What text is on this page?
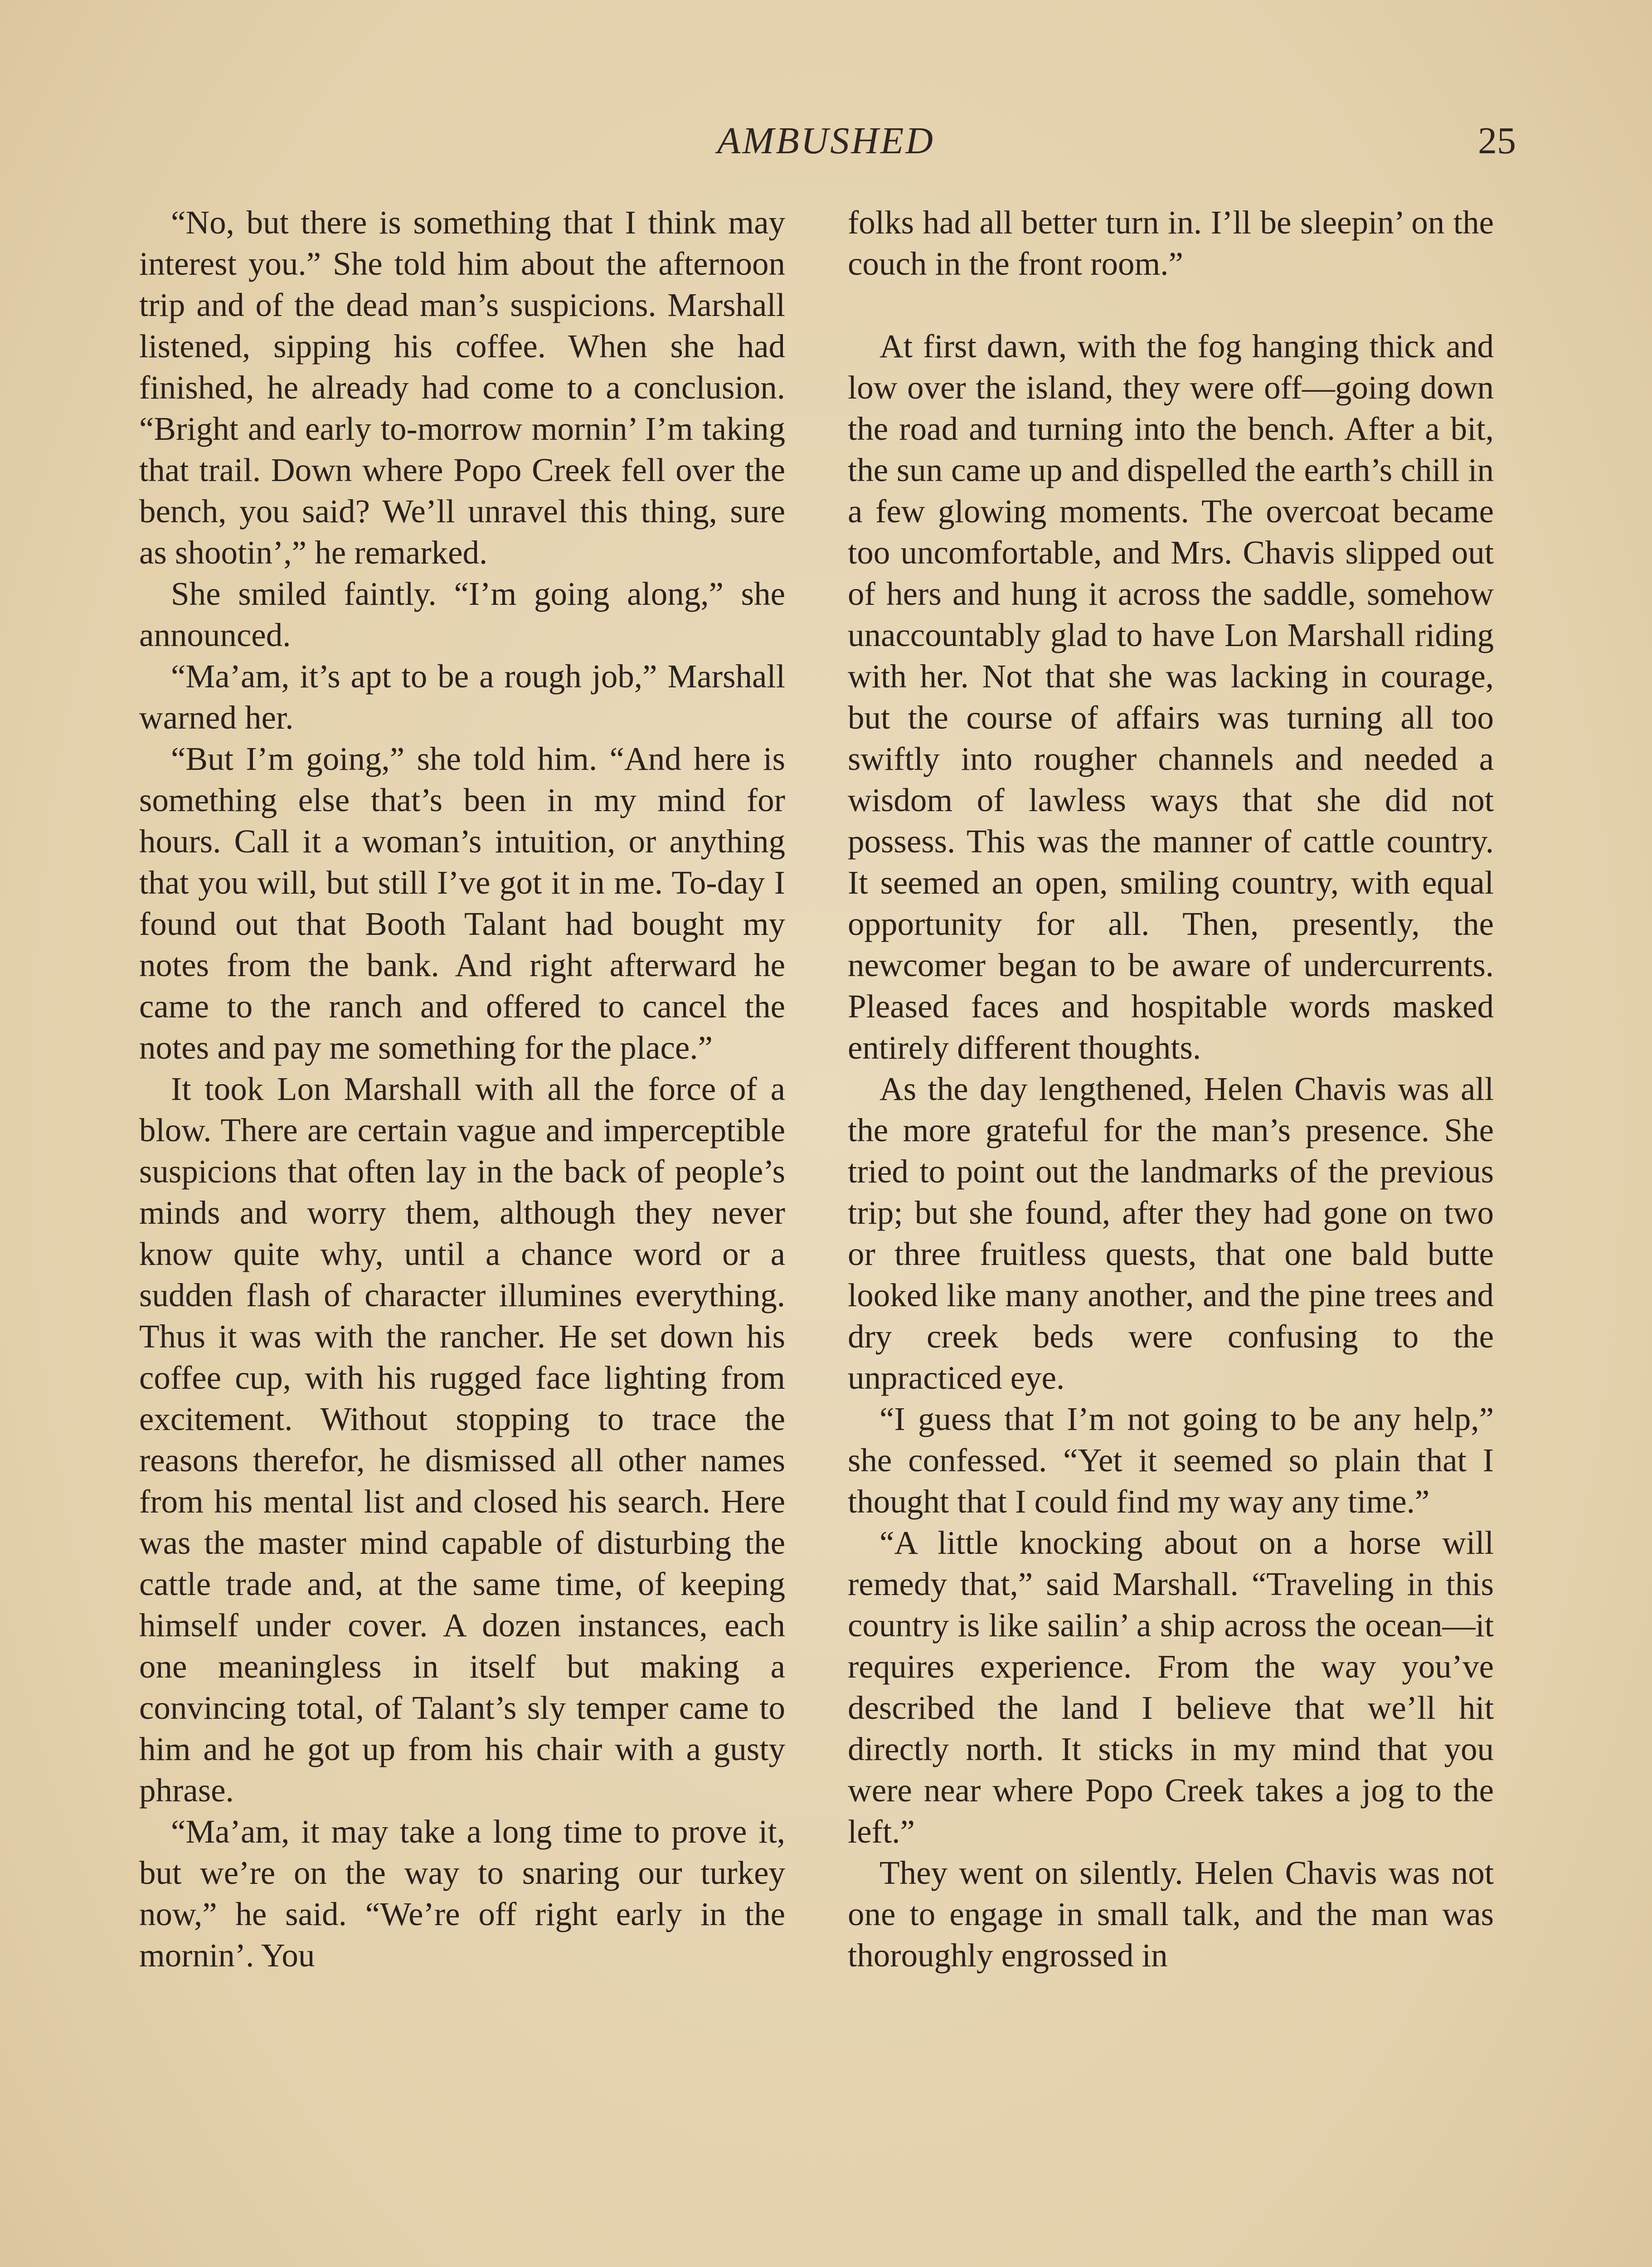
AMBUSHED	25

“No, but there is something that I think may interest you.” She told him about the afternoon trip and of the dead man’s suspicions. Marshall listened, sipping his coffee. When she had finished, he already had come to a conclusion. “Bright and early to-morrow mornin’ I’m taking that trail. Down where Popo Creek fell over the bench, you said? We’ll unravel this thing, sure as shootin’,” he remarked.

She smiled faintly. “I’m going along,” she announced.

“Ma’am, it’s apt to be a rough job,” Marshall warned her.

“But I’m going,” she told him. “And here is something else that’s been in my mind for hours. Call it a woman’s intuition, or anything that you will, but still I’ve got it in me. To-day I found out that Booth Talant had bought my notes from the bank. And right afterward he came to the ranch and offered to cancel the notes and pay me something for the place.”

It took Lon Marshall with all the force of a blow. There are certain vague and imperceptible suspicions that often lay in the back of people’s minds and worry them, although they never know quite why, until a chance word or a sudden flash of character illumines everything. Thus it was with the rancher. He set down his coffee cup, with his rugged face lighting from excitement. Without stopping to trace the reasons therefor, he dismissed all other names from his mental list and closed his search. Here was the master mind capable of disturbing the cattle trade and, at the same time, of keeping himself under cover. A dozen instances, each one meaningless in itself but making a convincing total, of Talant’s sly temper came to him and he got up from his chair with a gusty phrase.

“Ma’am, it may take a long time to prove it, but we’re on the way to snaring our turkey now,” he said. “We’re off right early in the mornin’. You

folks had all better turn in. I’ll be sleepin’ on the couch in the front room.”

At first dawn, with the fog hanging thick and low over the island, they were off—going down the road and turning into the bench. After a bit, the sun came up and dispelled the earth’s chill in a few glowing moments. The overcoat became too uncomfortable, and Mrs. Chavis slipped out of hers and hung it across the saddle, somehow unaccountably glad to have Lon Marshall riding with her. Not that she was lacking in courage, but the course of affairs was turning all too swiftly into rougher channels and needed a wisdom of lawless ways that she did not possess. This was the manner of cattle country. It seemed an open, smiling country, with equal opportunity for all. Then, presently, the newcomer began to be aware of undercurrents. Pleased faces and hospitable words masked entirely different thoughts.

As the day lengthened, Helen Chavis was all the more grateful for the man’s presence. She tried to point out the landmarks of the previous trip; but she found, after they had gone on two or three fruitless quests, that one bald butte looked like many another, and the pine trees and dry creek beds were confusing to the unpracticed eye.

“I guess that I’m not going to be any help,” she confessed. “Yet it seemed so plain that I thought that I could find my way any time.”

“A little knocking about on a horse will remedy that,” said Marshall. “Traveling in this country is like sailin’ a ship across the ocean—it requires experience. From the way you’ve described the land I believe that we’ll hit directly north. It sticks in my mind that you were near where Popo Creek takes a jog to the left.”

They went on silently. Helen Chavis was not one to engage in small talk, and the man was thoroughly engrossed in
